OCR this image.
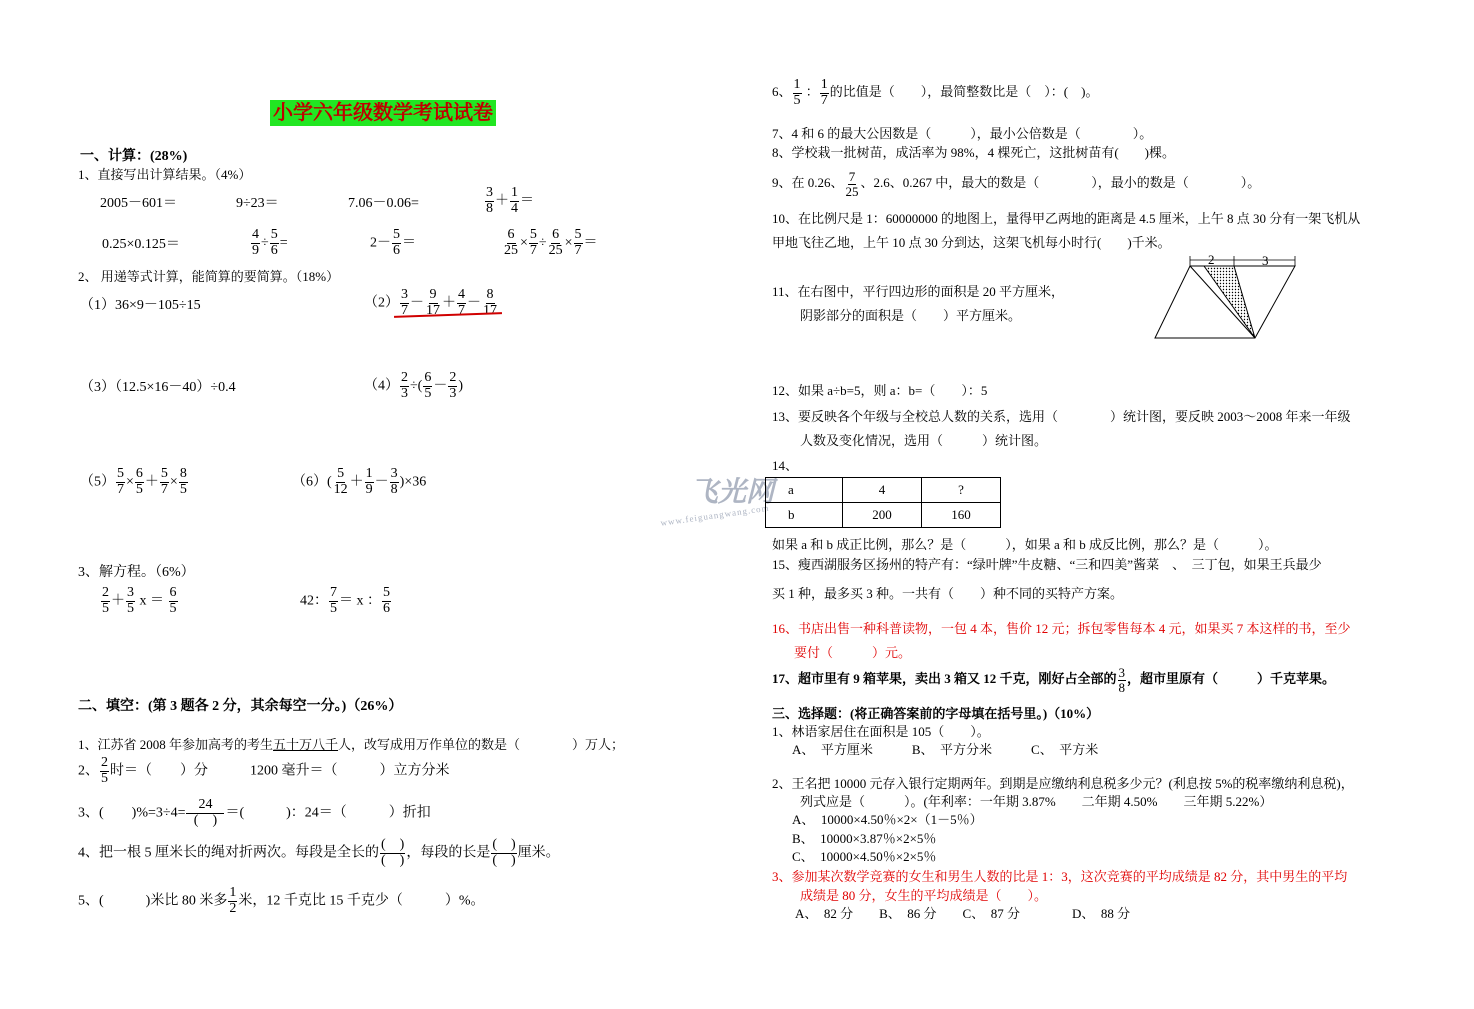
小学六年级数学考试试卷
一、计算：(28%)
1、直接写出计算结果。（4%）
2005－601＝	9÷23＝	7.06－0.06=	$\frac{3}{8} + \frac{1}{4}$ ＝
0.25×0.125＝	$\frac{4}{9} \div \frac{5}{6}$ =	$2- \frac{5}{6}$ ＝	$\frac{6}{25} \times \frac{5}{7} \div \frac{6}{25} \times \frac{5}{7}$ ＝
2、 用递等式计算，能简算的要简算。（18%）
（1）36×9－105÷15	$(2) \frac{3}{7} - \frac{9}{17} + \frac{4}{7} - \frac{8}{17}$
（3）（12.5×16－40）÷0.4	$(4) \frac{2}{3}$ ÷( $\frac{6}{5} - \frac{2}{3}$ )
$(5) \frac{5}{7} \times \frac{6}{5} + \frac{5}{7} \times \frac{8}{5}$	$(6)( \frac{5}{12} + \frac{1}{9} - \frac{3}{8} )\times 36$
3、解方程。（6%）
$\frac{2}{5} + \frac{3}{5}$ $x = \frac{6}{5}$	42： $\frac{7}{5} = x$ ： $\frac{5}{6}$
二、填空：(第 3 题各 2 分，其余每空一分。)（26%）
1、江苏省 2008 年参加高考的考生五十万八千人，改写成用万作单位的数是（　　　　）万人；
2、 $\frac{2}{5}$ 时＝（　　）分　　　1200 毫升＝（　　　）立方分米
3、(　　)$\%=3\div 4= \frac{24}{( )}$ ＝(　　　)：24＝（　　　）折扣
4、把一根 5 厘米长的绳对折两次。每段是全长的 $\frac{( )}{( )}$ ，每段的长是 $\frac{( )}{( )}$ 厘米。
5、(　　　)米比 80 米多 $\frac{1}{2}$ 米，12 千克比 15 千克少（　　　）%。
飞光网
www.feiguangwang.com
6、 $\frac{1}{5}$ ： $\frac{1}{7}$ 的比值是（　　），最简整数比是（　）：(　)。
7、4 和 6 的最大公因数是（　　　），最小公倍数是（　　　　）。
8、学校栽一批树苗，成活率为 98%，4 棵死亡，这批树苗有(　　)棵。
9、在 0.26、 $\frac{7}{25}$ 、2.6、0.267 中，最大的数是（　　　　），最小的数是（　　　　）。
10、在比例尺是 1：60000000 的地图上，量得甲乙两地的距离是 4.5 厘米，上午 8 点 30 分有一架飞机从
甲地飞往乙地，上午 10 点 30 分到达，这架飞机每小时行(　　)千米。
11、在右图中，平行四边形的面积是 20 平方厘米，
阴影部分的面积是（　　）平方厘米。
2	3
12、如果 a÷b=5，则 a：b=（　　）：5
13、要反映各个年级与全校总人数的关系，选用（　　　　）统计图，要反映 2003～2008 年来一年级
人数及变化情况，选用（　　　）统计图。
14、
a	4	?
b	200	160
如果 a 和 b 成正比例，那么？是（　　　），如果 a 和 b 成反比例，那么？是（　　　）。
15、瘦西湖服务区扬州的特产有：“绿叶牌”牛皮糖、“三和四美”酱菜　、　三丁包，如果王兵最少
买 1 种，最多买 3 种。一共有（　　）种不同的买特产方案。
16、书店出售一种科普读物，一包 4 本，售价 12 元；拆包零售每本 4 元，如果买 7 本这样的书，至少
要付（　　　）元。
17、超市里有 9 箱苹果，卖出 3 箱又 12 千克，刚好占全部的 $\frac{3}{8}$ ，超市里原有（　　　）千克苹果。
三、选择题：(将正确答案前的字母填在括号里。)（10%）
1、林语家居住在面积是 105（　　）。
A、　平方厘米　　　B、　平方分米　　　C、　平方米
2、王名把 10000 元存入银行定期两年。到期是应缴纳利息税多少元？(利息按 5%的税率缴纳利息税)，
列式应是（　　　）。(年利率：一年期 3.87%　　二年期 4.50%　　三年期 5.22%）
A、　10000×4.50％×2×（1－5％）
B、　10000×3.87％×2×5％
C、　10000×4.50％×2×5％
3、参加某次数学竞赛的女生和男生人数的比是 1：3，这次竞赛的平均成绩是 82 分，其中男生的平均
成绩是 80 分，女生的平均成绩是（　　）。
A、　82 分　　B、　86 分　　C、　87 分　　　　D、　88 分
